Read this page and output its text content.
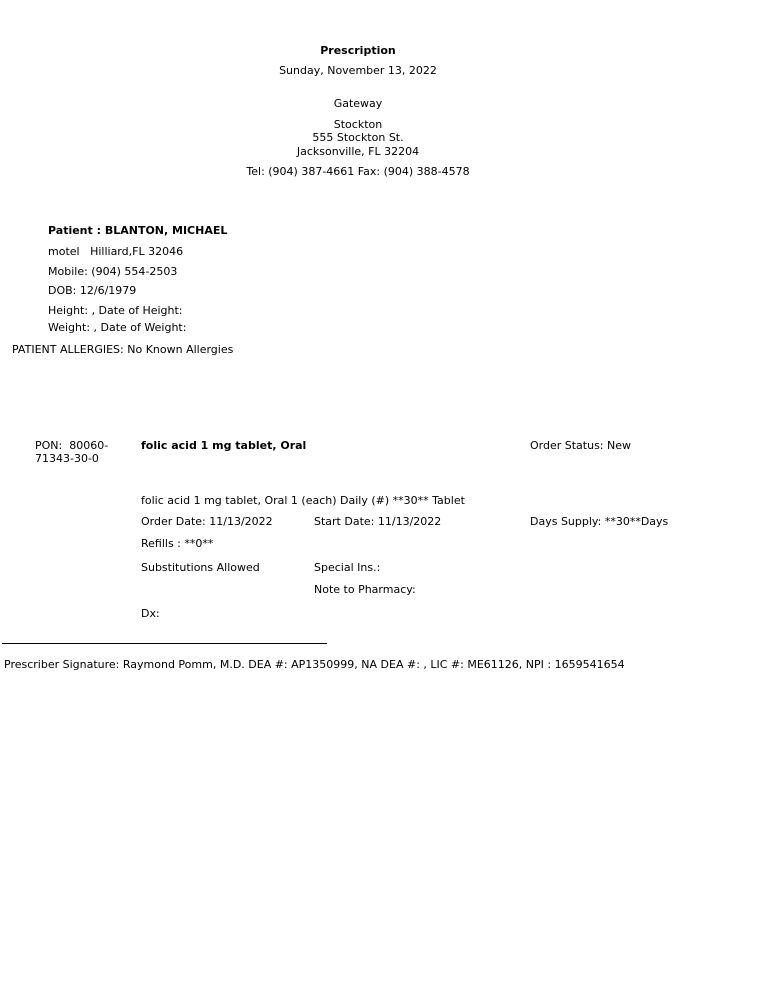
Prescription
Sunday, November 13, 2022
Gateway
Stockton
555 Stockton St.
Jacksonville, FL 32204
Tel: (904) 387-4661 Fax: (904) 388-4578
Patient : BLANTON, MICHAEL
motel   Hilliard,FL 32046
Mobile: (904) 554-2503
DOB: 12/6/1979
Height: , Date of Height:
Weight: , Date of Weight:
PATIENT ALLERGIES: No Known Allergies
PON:  80060-
71343-30-0
folic acid 1 mg tablet, Oral	Order Status: New
folic acid 1 mg tablet, Oral 1 (each) Daily (#) **30** Tablet
Order Date: 11/13/2022	Start Date: 11/13/2022	Days Supply: **30**Days
Refills : **0**
Substitutions Allowed	Special Ins.:
Note to Pharmacy:
Dx:
Prescriber Signature: Raymond Pomm, M.D. DEA #: AP1350999, NA DEA #: , LIC #: ME61126, NPI : 1659541654
